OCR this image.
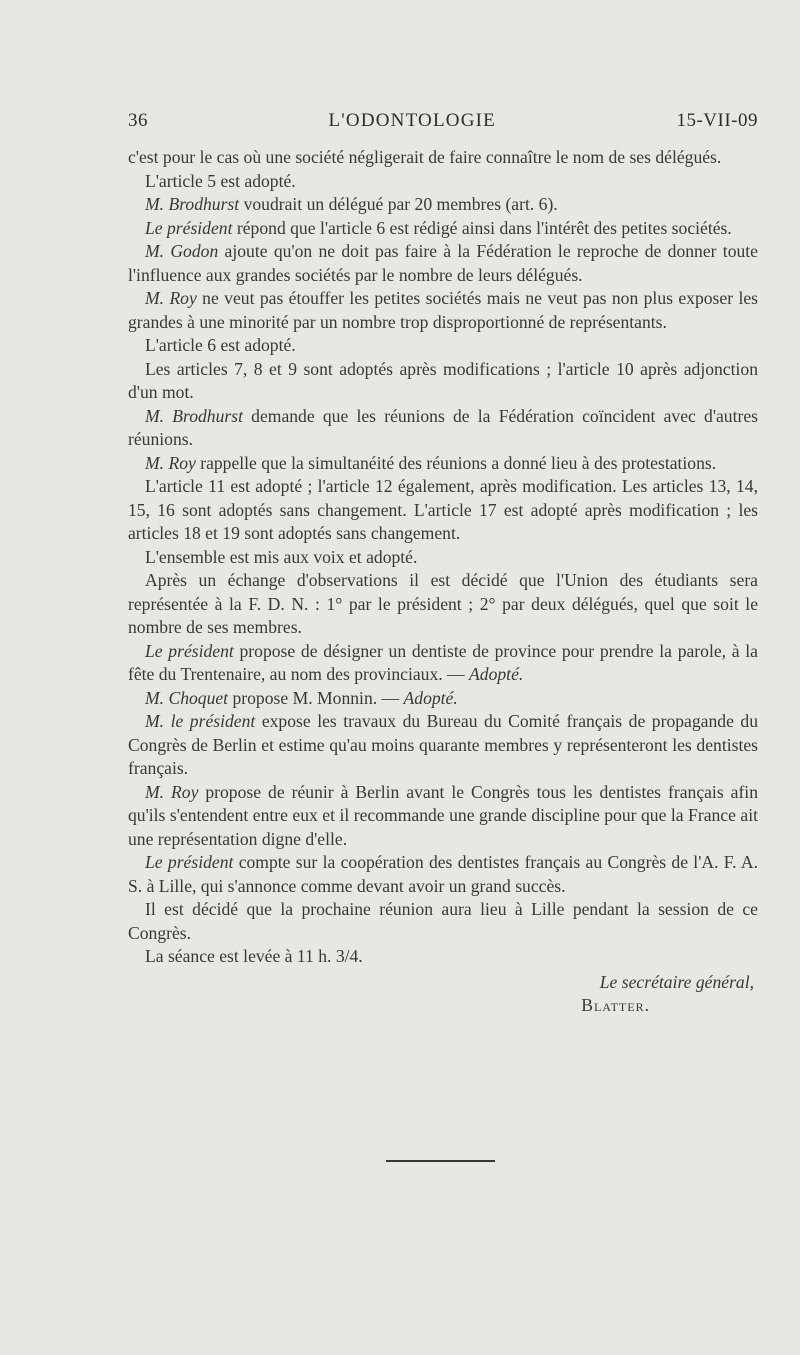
36	L'ODONTOLOGIE	15-VII-09

c'est pour le cas où une société négligerait de faire connaître le nom de ses délégués.

L'article 5 est adopté.

M. Brodhurst voudrait un délégué par 20 membres (art. 6).

Le président répond que l'article 6 est rédigé ainsi dans l'intérêt des petites sociétés.

M. Godon ajoute qu'on ne doit pas faire à la Fédération le reproche de donner toute l'influence aux grandes sociétés par le nombre de leurs délégués.

M. Roy ne veut pas étouffer les petites sociétés mais ne veut pas non plus exposer les grandes à une minorité par un nombre trop disproportionné de représentants.

L'article 6 est adopté.

Les articles 7, 8 et 9 sont adoptés après modifications ; l'article 10 après adjonction d'un mot.

M. Brodhurst demande que les réunions de la Fédération coïncident avec d'autres réunions.

M. Roy rappelle que la simultanéité des réunions a donné lieu à des protestations.

L'article 11 est adopté ; l'article 12 également, après modification. Les articles 13, 14, 15, 16 sont adoptés sans changement. L'article 17 est adopté après modification ; les articles 18 et 19 sont adoptés sans changement.

L'ensemble est mis aux voix et adopté.

Après un échange d'observations il est décidé que l'Union des étudiants sera représentée à la F. D. N. : 1° par le président ; 2° par deux délégués, quel que soit le nombre de ses membres.

Le président propose de désigner un dentiste de province pour prendre la parole, à la fête du Trentenaire, au nom des provinciaux. — Adopté.

M. Choquet propose M. Monnin. — Adopté.

M. le président expose les travaux du Bureau du Comité français de propagande du Congrès de Berlin et estime qu'au moins quarante membres y représenteront les dentistes français.

M. Roy propose de réunir à Berlin avant le Congrès tous les dentistes français afin qu'ils s'entendent entre eux et il recommande une grande discipline pour que la France ait une représentation digne d'elle.

Le président compte sur la coopération des dentistes français au Congrès de l'A. F. A. S. à Lille, qui s'annonce comme devant avoir un grand succès.

Il est décidé que la prochaine réunion aura lieu à Lille pendant la session de ce Congrès.

La séance est levée à 11 h. 3/4.

Le secrétaire général,
Blatter.
